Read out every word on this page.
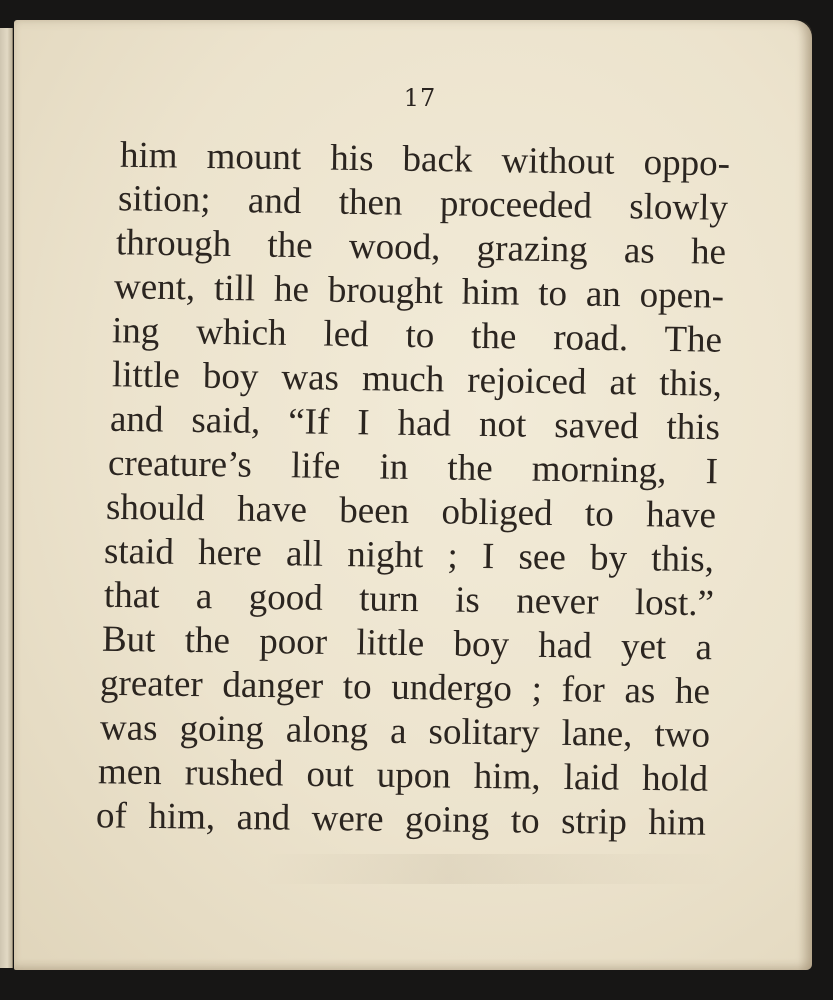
17
him mount his back without oppo-
sition; and then proceeded slowly
through the wood, grazing as he
went, till he brought him to an open-
ing which led to the road. The
little boy was much rejoiced at this,
and said, “If I had not saved this
creature’s life in the morning, I
should have been obliged to have
staid here all night ; I see by this,
that a good turn is never lost.”
But the poor little boy had yet a
greater danger to undergo ; for as he
was going along a solitary lane, two
men rushed out upon him, laid hold
of him, and were going to strip him
